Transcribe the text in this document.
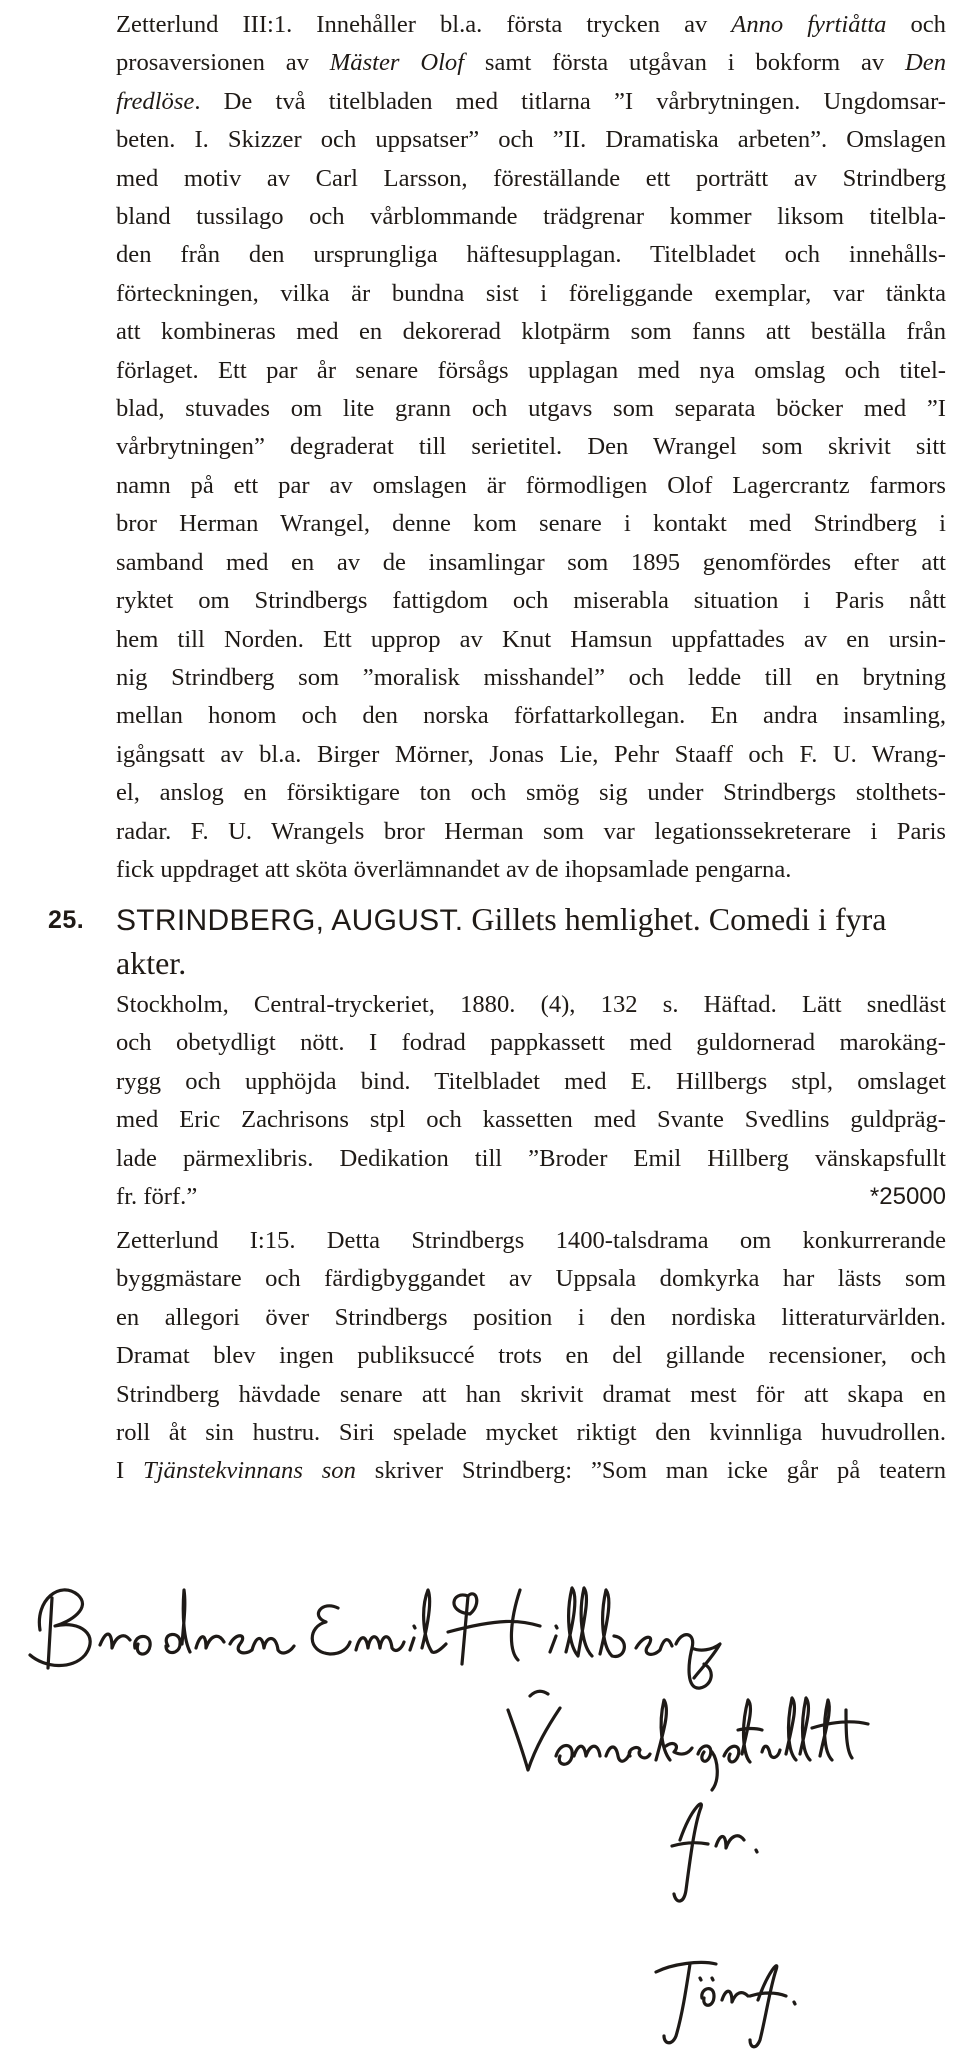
Zetterlund III:1. Innehåller bl.a. första trycken av Anno fyrtiåtta och
prosaversionen av Mäster Olof samt första utgåvan i bokform av Den
fredlöse. De två titelbladen med titlarna ”I vårbrytningen. Ungdomsar-
beten. I. Skizzer och uppsatser” och ”II. Dramatiska arbeten”. Omslagen
med motiv av Carl Larsson, föreställande ett porträtt av Strindberg
bland tussilago och vårblommande trädgrenar kommer liksom titelbla-
den från den ursprungliga häftesupplagan. Titelbladet och innehålls-
förteckningen, vilka är bundna sist i föreliggande exemplar, var tänkta
att kombineras med en dekorerad klotpärm som fanns att beställa från
förlaget. Ett par år senare försågs upplagan med nya omslag och titel-
blad, stuvades om lite grann och utgavs som separata böcker med ”I
vårbrytningen” degraderat till serietitel. Den Wrangel som skrivit sitt
namn på ett par av omslagen är förmodligen Olof Lagercrantz farmors
bror Herman Wrangel, denne kom senare i kontakt med Strindberg i
samband med en av de insamlingar som 1895 genomfördes efter att
ryktet om Strindbergs fattigdom och miserabla situation i Paris nått
hem till Norden. Ett upprop av Knut Hamsun uppfattades av en ursin-
nig Strindberg som ”moralisk misshandel” och ledde till en brytning
mellan honom och den norska författarkollegan. En andra insamling,
igångsatt av bl.a. Birger Mörner, Jonas Lie, Pehr Staaff och F. U. Wrang-
el, anslog en försiktigare ton och smög sig under Strindbergs stolthets-
radar. F. U. Wrangels bror Herman som var legationssekreterare i Paris
fick uppdraget att sköta överlämnandet av de ihopsamlade pengarna.
25. STRINDBERG, AUGUST. Gillets hemlighet. Comedi i fyra
akter.
Stockholm, Central-tryckeriet, 1880. (4), 132 s. Häftad. Lätt snedläst
och obetydligt nött. I fodrad pappkassett med guldornerad marokäng-
rygg och upphöjda bind. Titelbladet med E. Hillbergs stpl, omslaget
med Eric Zachrisons stpl och kassetten med Svante Svedlins guldpräg-
lade pärmexlibris. Dedikation till ”Broder Emil Hillberg vänskapsfullt
fr. förf.”	*25000
Zetterlund I:15. Detta Strindbergs 1400-talsdrama om konkurrerande
byggmästare och färdigbyggandet av Uppsala domkyrka har lästs som
en allegori över Strindbergs position i den nordiska litteraturvärlden.
Dramat blev ingen publiksuccé trots en del gillande recensioner, och
Strindberg hävdade senare att han skrivit dramat mest för att skapa en
roll åt sin hustru. Siri spelade mycket riktigt den kvinnliga huvudrollen.
I Tjänstekvinnans son skriver Strindberg: ”Som man icke går på teatern
